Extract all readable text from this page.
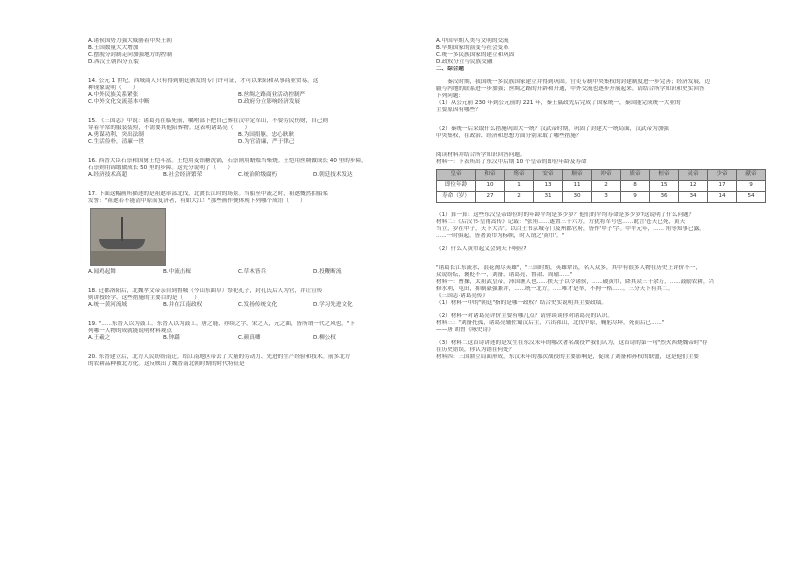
A.诸侯国势力强大威胁着中央王朝

B.王国数量大大增加

C.摆脱分封制走向加强地方的控制

D.西汉王朝四分五裂

14. 公元 1 世纪，西域商人只有得到朝廷颁发的专门许可证，才可以来阳和从事商业贸易。这

种现象说明（　　）

A.中外民族关系紧张	B.丝绸之路商业活动控制严
C.中外文化交流基本中断	D.政府分立影响经济发展

15. 《三国志》中说：诸葛亮在临死前，嘱咐部下把自己葬在汉中定军山，不要劳民伤财，自己则

穿着平常的服装装殓，不需要其他陪葬物。这表明诸葛亮（　　）

A.勇谋功利，突出法制	B.为国捐躯，忠心耿耿
C.生活俭朴，清廉一世	D.为官清廉，严于律己

16. 西晋大臣石崇和国舅王恺斗富。王恺用麦饴糖洗锅，石崇则用蜡烛当柴烧。王恺用丝绸做成长 40 里的步障，

石崇则用锦缎做成长 50 里的步障。这充分说明了（　　）

A.经济技术高超	B.社会经济繁荣	C.统治阶级腐朽	D.朝廷技术发达

17. 下面这幅画所描述的是祖逖率部北伐，北渡长江时的场景。当船至中流之时，祖逖慨然拍船桨

发誓："祖逖若不能清中原而复济者，有如大江！"那些画作便体现下列哪个成语（　　）

A.闻鸡起舞	B.中流击楫	C.草木皆兵	D.投鞭断流

18. 迁都洛阳后，北魏孝文帝亲自到鲁城（今山东曲阜）祭祀孔子，封孔氏后人为官，并让宣传

则讲授经学。这些措施的主要目的是（　　）

A.统一黄河流域	B.并在江南政权	C.发扬传统文化	D.学习先进文化

19. "......东晋人以为鼓工。东晋人以为鼓工。唐之鹿，亦续之字，宋之人，元之曲，皆所谓一代之风也。"下

列哪一人物的成就能说明材料观点

A.王羲之	B.钟繇	C.颜真卿	D.柳公权

20. 东晋建立后，北方人民纷纷南迁，给江南地区带去了大量的劳动力、先进的生产经验和技术。前多北方

的农耕品种被北方化。这反映出了魏晋南北朝时期的时代特征是

A.中国早期人类与文明的交流

B.早期国家的演变与社会变革

C.统一多民族国家的建立和巩固

D.政权分立与民族交融

二、综合题

　　秦汉时期，我国统一多民族国家建立并得到巩固。官吏专制中央集权的封建制度进一步完善；经济发展，边

疆与内地的联系进一步加强；丝绸之路的开辟和开通，中外交流也逐步开展起来。请结合所学知识和史实回答

下列问题：

（1）从公元前 230 年到公元前的 221 年，秦王嬴政先后完成了国家统一，秦国能完成统一大业的

主要原因有哪些？

（2）秦统一后采取什么措施巩固大一统？汉武帝时期，巩固了封建大一统局面，汉武帝为加强

中央集权，在政治、经济和思想方面分别采取了哪些措施？

阅读材料并结合所学知识回答问题。

材料一：下表所出了东汉中后期 10 个皇帝的即位年龄及寿命

皇帝	和帝	殇帝	安帝	顺帝	冲帝	质帝	桓帝	灵帝	少帝	献帝
即位年龄	10	1	13	11	2	8	15	12	17	9
寿命（岁）	27	2	31	30	3	9	36	34	14	54

（1）算一算：这些东汉皇帝即位时的年龄平均是多少岁？他们的平均寿命是多少岁?这说明了什么问题？

材料二：《后汉书·皇甫嵩传》记载："张角……遂置三十六方，方犹将军号也……讹言'苍天已死，黄天

当立，岁在甲子，天下大吉'。以白土书京城寺门及州郡官府，皆作'甲子'字。中平元年，...... 角等知事已露，

......一时俱起。皆著黄巾为标帜，时人谓之'黄巾'。"

（2）什么人黄巾起义会到天下响应?

"诸葛长江东流水，浪花淘尽英雄"，"三国时期，英雄辈出，名人众多，其中有很多人物在历史上评价不一，

众说纷纭，褒贬不一，刘备、诸葛亮、鲁肃、周瑜......"

材料一：曹操，太祖武皇帝，沛国谯人也......挟天子以令诸侯，......破黄巾，降其众三十余万，......鼓励农耕，兴

修水利，屯田，抑制豪强兼并，......统一北方。.....唯才是举，不拘一格......。三分天下有其二。

《三国志·诸葛亮传》

（1）材料一中的"朝廷"指的是哪一政权？结合史实说明其主要政绩。

（2）材料一对诸葛亮评价主要有哪几点？请你谈谈你对诸葛亮的认识。

材料三："刘备托孤，诸葛亮辅佐蜀汉后主，六出祁山，北伐中原，鞠躬尽瘁，死而后已......"

——唐 胡曾《咏史诗》

（3）材料二这首诗讲述的是发生在东汉末年的哪次著名战役?"我们认为，这首诗的第一句"烈火西烧魏帝时"存

在历史错误，你认为错在何处？

材料四：三国鼎立局面形成，东汉末年的那次战役的主要影响是，促成了刘备和孙权的联盟，这是他们主要
